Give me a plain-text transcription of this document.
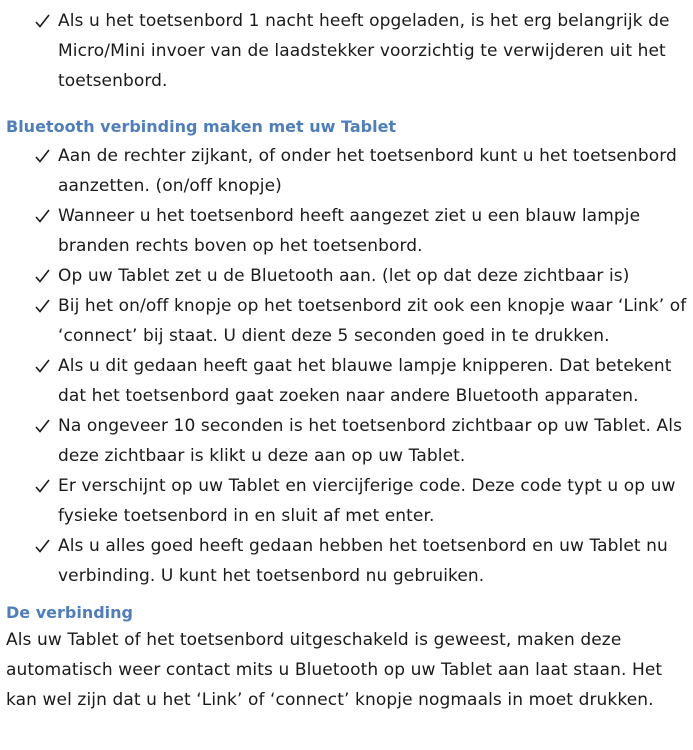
Als u het toetsenbord 1 nacht heeft opgeladen, is het erg belangrijk de Micro/Mini invoer van de laadstekker voorzichtig te verwijderen uit het toetsenbord.
Bluetooth verbinding maken met uw Tablet
Aan de rechter zijkant, of onder het toetsenbord kunt u het toetsenbord aanzetten. (on/off knopje)
Wanneer u het toetsenbord heeft aangezet ziet u een blauw lampje branden rechts boven op het toetsenbord.
Op uw Tablet zet u de Bluetooth aan. (let op dat deze zichtbaar is)
Bij het on/off knopje op het toetsenbord zit ook een knopje waar ‘Link’ of ‘connect’ bij staat. U dient deze 5 seconden goed in te drukken.
Als u dit gedaan heeft gaat het blauwe lampje knipperen. Dat betekent dat het toetsenbord gaat zoeken naar andere Bluetooth apparaten.
Na ongeveer 10 seconden is het toetsenbord zichtbaar op uw Tablet. Als deze zichtbaar is klikt u deze aan op uw Tablet.
Er verschijnt op uw Tablet en viercijferige code. Deze code typt u op uw fysieke toetsenbord in en sluit af met enter.
Als u alles goed heeft gedaan hebben het toetsenbord en uw Tablet nu verbinding. U kunt het toetsenbord nu gebruiken.
De verbinding

Als uw Tablet of het toetsenbord uitgeschakeld is geweest, maken deze automatisch weer contact mits u Bluetooth op uw Tablet aan laat staan. Het kan wel zijn dat u het ‘Link’ of ‘connect’ knopje nogmaals in moet drukken.
